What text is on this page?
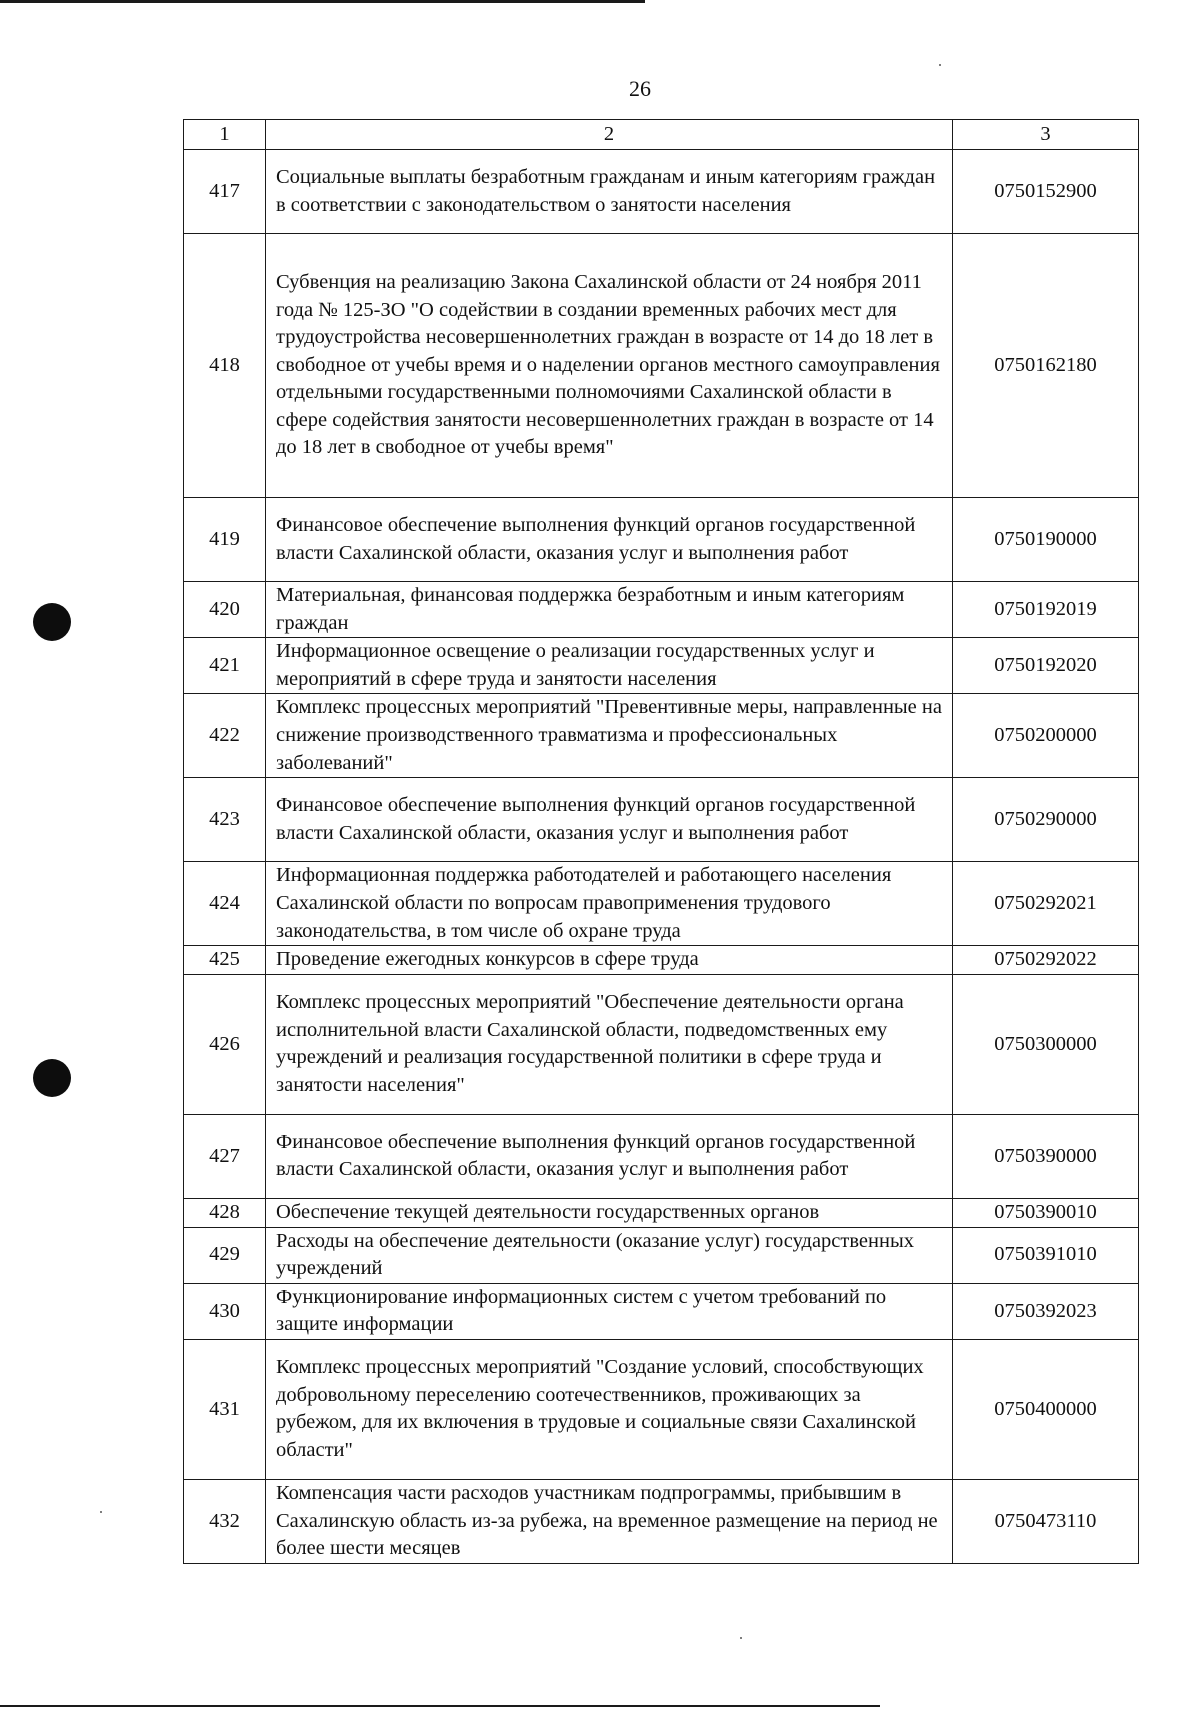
26
1	2	3
417	Социальные выплаты безработным гражданам и иным категориям граждан в соответствии с законодательством о занятости населения	0750152900
418	Субвенция на реализацию Закона Сахалинской области от 24 ноября 2011 года № 125-ЗО "О содействии в создании временных рабочих мест для трудоустройства несовершеннолетних граждан в возрасте от 14 до 18 лет в свободное от учебы время и о наделении органов местного самоуправления отдельными государственными полномочиями Сахалинской области в сфере содействия занятости несовершеннолетних граждан в возрасте от 14 до 18 лет в свободное от учебы время"	0750162180
419	Финансовое обеспечение выполнения функций органов государственной власти Сахалинской области, оказания услуг и выполнения работ	0750190000
420	Материальная, финансовая поддержка безработным и иным категориям граждан	0750192019
421	Информационное освещение о реализации государственных услуг и мероприятий в сфере труда и занятости населения	0750192020
422	Комплекс процессных мероприятий "Превентивные меры, направленные на снижение производственного травматизма и профессиональных заболеваний"	0750200000
423	Финансовое обеспечение выполнения функций органов государственной власти Сахалинской области, оказания услуг и выполнения работ	0750290000
424	Информационная поддержка работодателей и работающего населения Сахалинской области по вопросам правоприменения трудового законодательства, в том числе об охране труда	0750292021
425	Проведение ежегодных конкурсов в сфере труда	0750292022
426	Комплекс процессных мероприятий "Обеспечение деятельности органа исполнительной власти Сахалинской области, подведомственных ему учреждений и реализация государственной политики в сфере труда и занятости населения"	0750300000
427	Финансовое обеспечение выполнения функций органов государственной власти Сахалинской области, оказания услуг и выполнения работ	0750390000
428	Обеспечение текущей деятельности государственных органов	0750390010
429	Расходы на обеспечение деятельности (оказание услуг) государственных учреждений	0750391010
430	Функционирование информационных систем с учетом требований по защите информации	0750392023
431	Комплекс процессных мероприятий "Создание условий, способствующих добровольному переселению соотечественников, проживающих за рубежом, для их включения в трудовые и социальные связи Сахалинской области"	0750400000
432	Компенсация части расходов участникам подпрограммы, прибывшим в Сахалинскую область из-за рубежа, на временное размещение на период не более шести месяцев	0750473110
